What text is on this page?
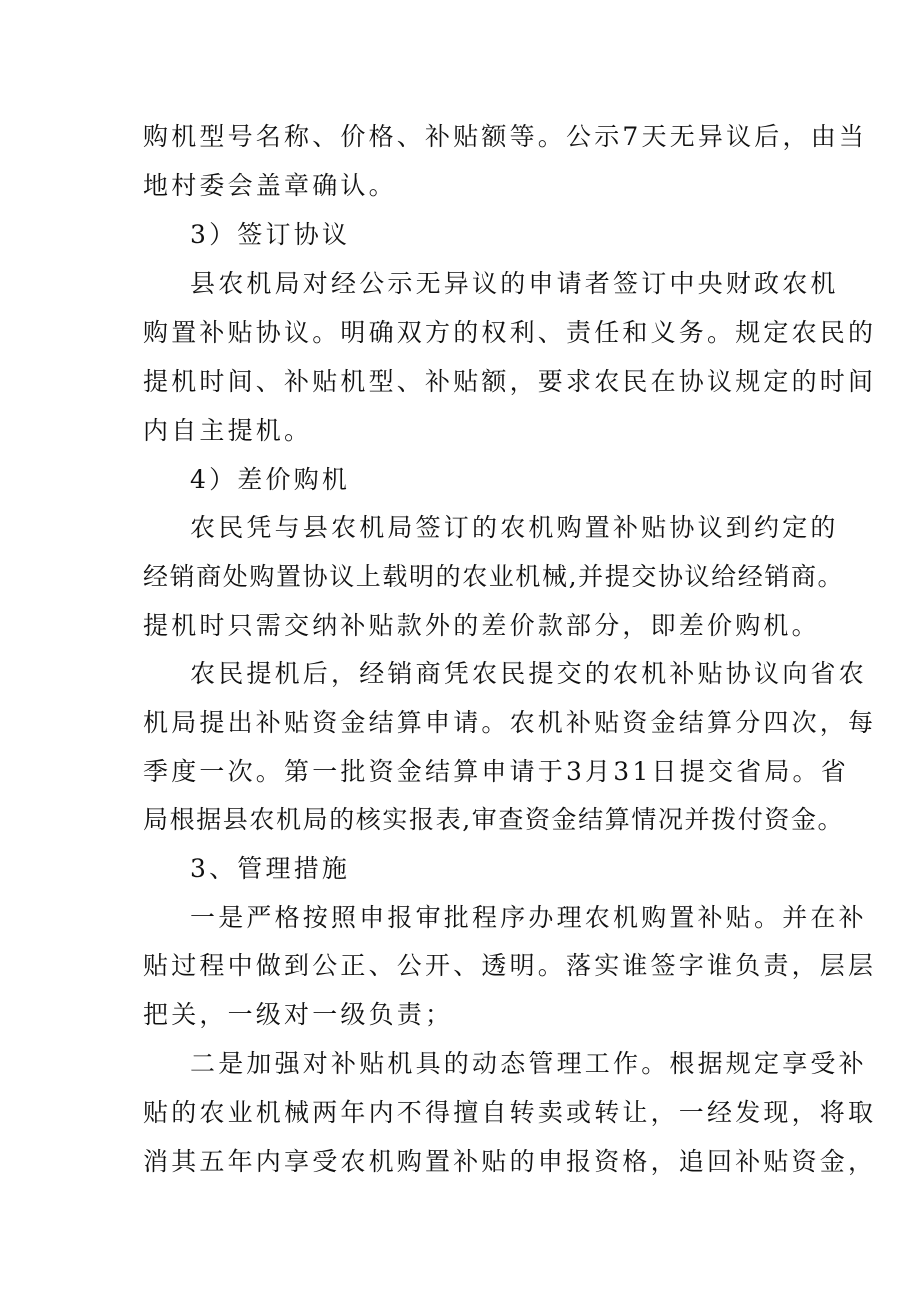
购机型号名称、价格、补贴额等。公示7天无异议后，由当
地村委会盖章确认。
3）签订协议
县农机局对经公示无异议的申请者签订中央财政农机
购置补贴协议。明确双方的权利、责任和义务。规定农民的
提机时间、补贴机型、补贴额，要求农民在协议规定的时间
内自主提机。
4）差价购机
农民凭与县农机局签订的农机购置补贴协议到约定的
经销商处购置协议上载明的农业机械,并提交协议给经销商。
提机时只需交纳补贴款外的差价款部分，即差价购机。
农民提机后，经销商凭农民提交的农机补贴协议向省农
机局提出补贴资金结算申请。农机补贴资金结算分四次，每
季度一次。第一批资金结算申请于3月31日提交省局。省
局根据县农机局的核实报表,审查资金结算情况并拨付资金。
3、管理措施
一是严格按照申报审批程序办理农机购置补贴。并在补
贴过程中做到公正、公开、透明。落实谁签字谁负责，层层
把关，一级对一级负责；
二是加强对补贴机具的动态管理工作。根据规定享受补
贴的农业机械两年内不得擅自转卖或转让，一经发现，将取
消其五年内享受农机购置补贴的申报资格，追回补贴资金，
